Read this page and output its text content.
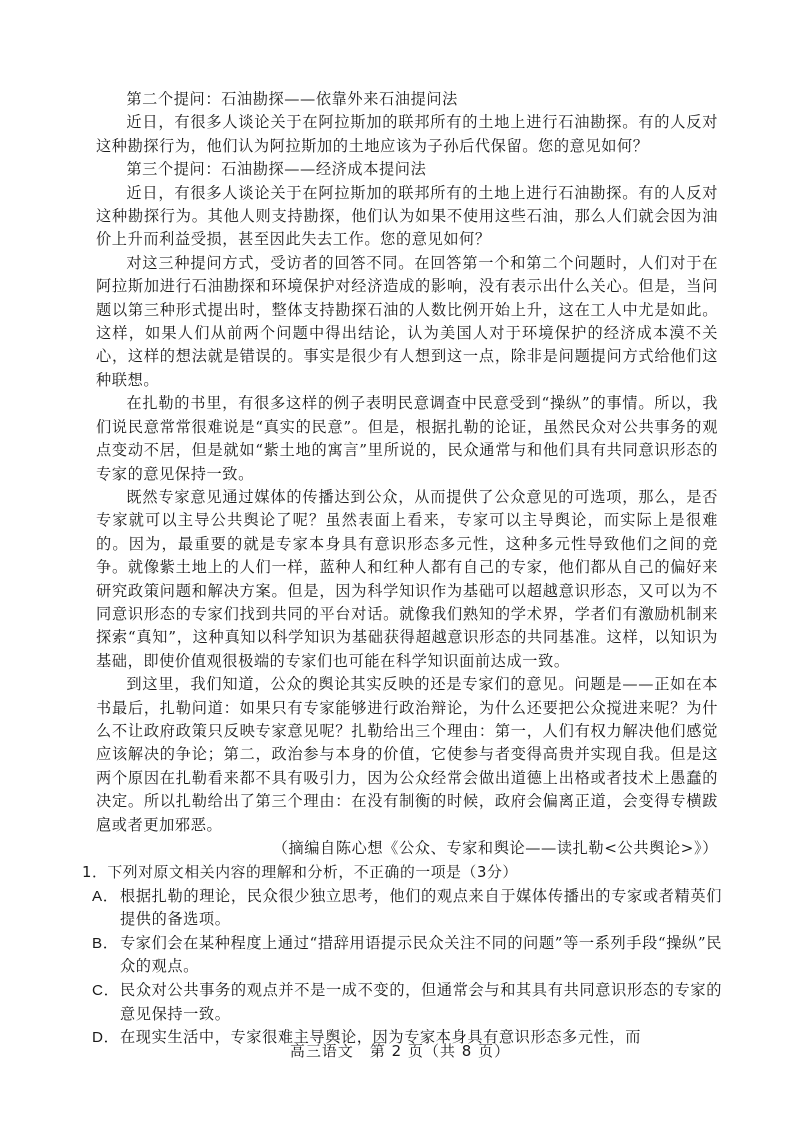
第二个提问：石油勘探——依靠外来石油提问法

近日，有很多人谈论关于在阿拉斯加的联邦所有的土地上进行石油勘探。有的人反对这种勘探行为，他们认为阿拉斯加的土地应该为子孙后代保留。您的意见如何？

第三个提问：石油勘探——经济成本提问法

近日，有很多人谈论关于在阿拉斯加的联邦所有的土地上进行石油勘探。有的人反对这种勘探行为。其他人则支持勘探，他们认为如果不使用这些石油，那么人们就会因为油价上升而利益受损，甚至因此失去工作。您的意见如何？

对这三种提问方式，受访者的回答不同。在回答第一个和第二个问题时，人们对于在阿拉斯加进行石油勘探和环境保护对经济造成的影响，没有表示出什么关心。但是，当问题以第三种形式提出时，整体支持勘探石油的人数比例开始上升，这在工人中尤是如此。这样，如果人们从前两个问题中得出结论，认为美国人对于环境保护的经济成本漠不关心，这样的想法就是错误的。事实是很少有人想到这一点，除非是问题提问方式给他们这种联想。

在扎勒的书里，有很多这样的例子表明民意调查中民意受到“操纵”的事情。所以，我们说民意常常很难说是“真实的民意”。但是，根据扎勒的论证，虽然民众对公共事务的观点变动不居，但是就如“紫土地的寓言”里所说的，民众通常与和他们具有共同意识形态的专家的意见保持一致。

既然专家意见通过媒体的传播达到公众，从而提供了公众意见的可选项，那么，是否专家就可以主导公共舆论了呢？虽然表面上看来，专家可以主导舆论，而实际上是很难的。因为，最重要的就是专家本身具有意识形态多元性，这种多元性导致他们之间的竞争。就像紫土地上的人们一样，蓝种人和红种人都有自己的专家，他们都从自己的偏好来研究政策问题和解决方案。但是，因为科学知识作为基础可以超越意识形态，又可以为不同意识形态的专家们找到共同的平台对话。就像我们熟知的学术界，学者们有激励机制来探索“真知”，这种真知以科学知识为基础获得超越意识形态的共同基准。这样，以知识为基础，即使价值观很极端的专家们也可能在科学知识面前达成一致。

到这里，我们知道，公众的舆论其实反映的还是专家们的意见。问题是——正如在本书最后，扎勒问道：如果只有专家能够进行政治辩论，为什么还要把公众搅进来呢？为什么不让政府政策只反映专家意见呢？扎勒给出三个理由：第一，人们有权力解决他们感觉应该解决的争论；第二，政治参与本身的价值，它使参与者变得高贵并实现自我。但是这两个原因在扎勒看来都不具有吸引力，因为公众经常会做出道德上出格或者技术上愚蠢的决定。所以扎勒给出了第三个理由：在没有制衡的时候，政府会偏离正道，会变得专横跋扈或者更加邪恶。

（摘编自陈心想《公众、专家和舆论——读扎勒<公共舆论>》）

1．下列对原文相关内容的理解和分析，不正确的一项是（3分）

A． 根据扎勒的理论，民众很少独立思考，他们的观点来自于媒体传播出的专家或者精英们提供的备选项。
B． 专家们会在某种程度上通过“措辞用语提示民众关注不同的问题”等一系列手段“操纵”民众的观点。
C． 民众对公共事务的观点并不是一成不变的，但通常会与和其具有共同意识形态的专家的意见保持一致。
D． 在现实生活中，专家很难主导舆论，因为专家本身具有意识形态多元性，而
高三语文　第 2 页（共 8 页）
